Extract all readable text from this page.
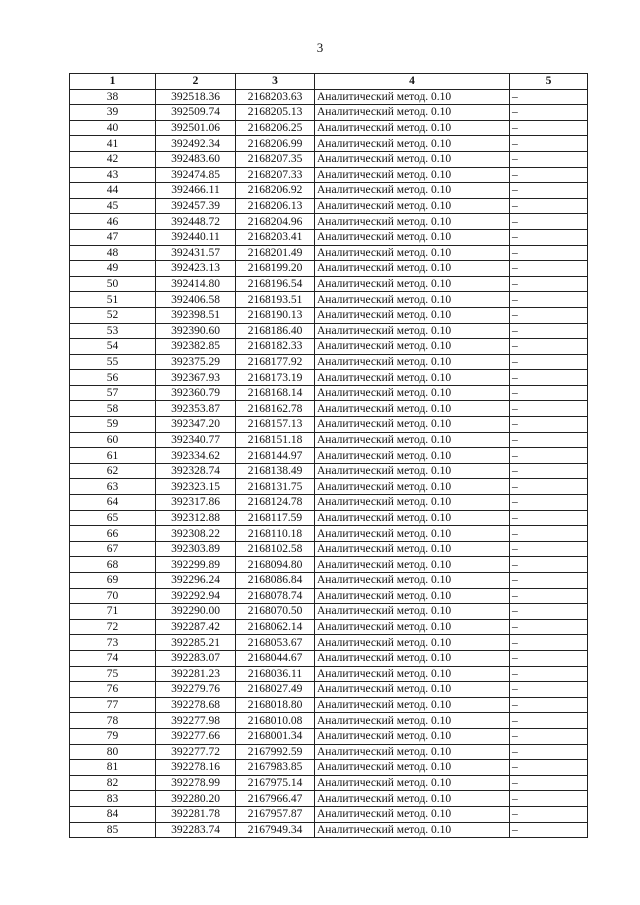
3
1	2	3	4	5
38	392518.36	2168203.63	Аналитический метод. 0.10	–
39	392509.74	2168205.13	Аналитический метод. 0.10	–
40	392501.06	2168206.25	Аналитический метод. 0.10	–
41	392492.34	2168206.99	Аналитический метод. 0.10	–
42	392483.60	2168207.35	Аналитический метод. 0.10	–
43	392474.85	2168207.33	Аналитический метод. 0.10	–
44	392466.11	2168206.92	Аналитический метод. 0.10	–
45	392457.39	2168206.13	Аналитический метод. 0.10	–
46	392448.72	2168204.96	Аналитический метод. 0.10	–
47	392440.11	2168203.41	Аналитический метод. 0.10	–
48	392431.57	2168201.49	Аналитический метод. 0.10	–
49	392423.13	2168199.20	Аналитический метод. 0.10	–
50	392414.80	2168196.54	Аналитический метод. 0.10	–
51	392406.58	2168193.51	Аналитический метод. 0.10	–
52	392398.51	2168190.13	Аналитический метод. 0.10	–
53	392390.60	2168186.40	Аналитический метод. 0.10	–
54	392382.85	2168182.33	Аналитический метод. 0.10	–
55	392375.29	2168177.92	Аналитический метод. 0.10	–
56	392367.93	2168173.19	Аналитический метод. 0.10	–
57	392360.79	2168168.14	Аналитический метод. 0.10	–
58	392353.87	2168162.78	Аналитический метод. 0.10	–
59	392347.20	2168157.13	Аналитический метод. 0.10	–
60	392340.77	2168151.18	Аналитический метод. 0.10	–
61	392334.62	2168144.97	Аналитический метод. 0.10	–
62	392328.74	2168138.49	Аналитический метод. 0.10	–
63	392323.15	2168131.75	Аналитический метод. 0.10	–
64	392317.86	2168124.78	Аналитический метод. 0.10	–
65	392312.88	2168117.59	Аналитический метод. 0.10	–
66	392308.22	2168110.18	Аналитический метод. 0.10	–
67	392303.89	2168102.58	Аналитический метод. 0.10	–
68	392299.89	2168094.80	Аналитический метод. 0.10	–
69	392296.24	2168086.84	Аналитический метод. 0.10	–
70	392292.94	2168078.74	Аналитический метод. 0.10	–
71	392290.00	2168070.50	Аналитический метод. 0.10	–
72	392287.42	2168062.14	Аналитический метод. 0.10	–
73	392285.21	2168053.67	Аналитический метод. 0.10	–
74	392283.07	2168044.67	Аналитический метод. 0.10	–
75	392281.23	2168036.11	Аналитический метод. 0.10	–
76	392279.76	2168027.49	Аналитический метод. 0.10	–
77	392278.68	2168018.80	Аналитический метод. 0.10	–
78	392277.98	2168010.08	Аналитический метод. 0.10	–
79	392277.66	2168001.34	Аналитический метод. 0.10	–
80	392277.72	2167992.59	Аналитический метод. 0.10	–
81	392278.16	2167983.85	Аналитический метод. 0.10	–
82	392278.99	2167975.14	Аналитический метод. 0.10	–
83	392280.20	2167966.47	Аналитический метод. 0.10	–
84	392281.78	2167957.87	Аналитический метод. 0.10	–
85	392283.74	2167949.34	Аналитический метод. 0.10	–
